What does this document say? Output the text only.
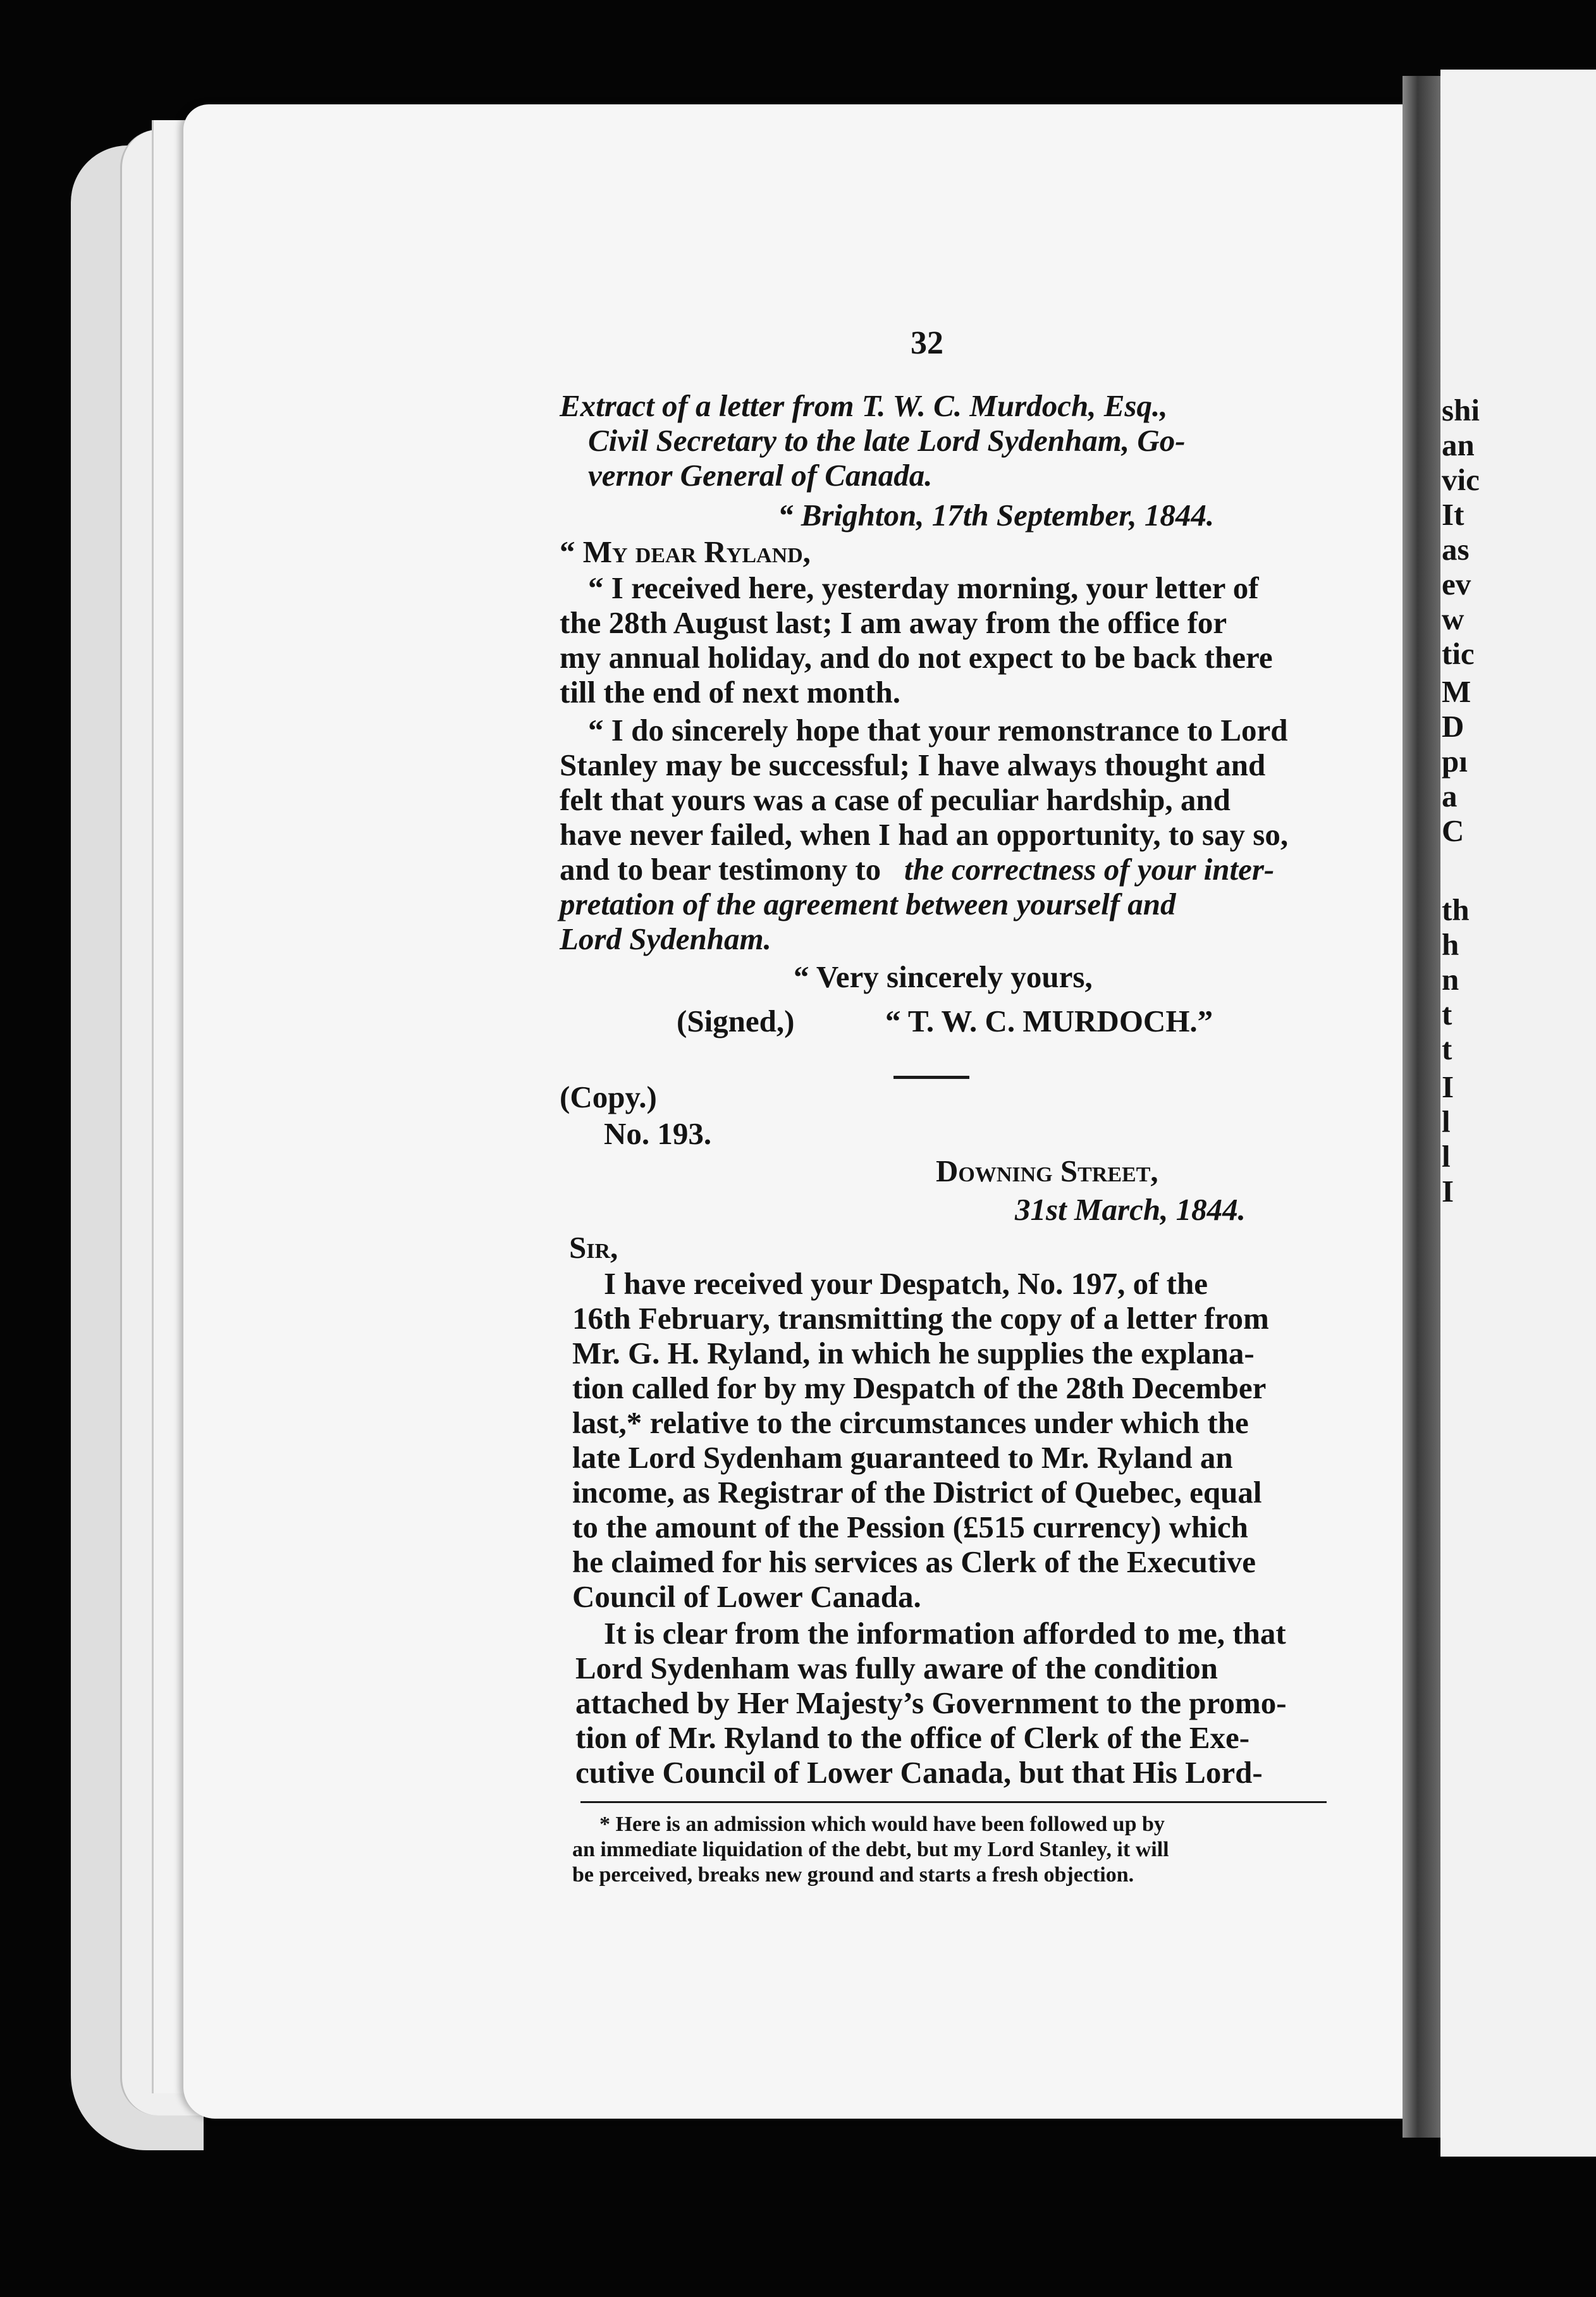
shi
an
vic
It
as
ev
w
tic
M
D
pı
a
C
th
h
n
t
t
I
l
l
I
32
Extract of a letter from T. W. C. Murdoch, Esq.,
Civil Secretary to the late Lord Sydenham, Go-
vernor General of Canada.
“ Brighton, 17th September, 1844.
“ My dear Ryland,
“ I received here, yesterday morning, your letter of
the 28th August last; I am away from the office for
my annual holiday, and do not expect to be back there
till the end of next month.
“ I do sincerely hope that your remonstrance to Lord
Stanley may be successful; I have always thought and
felt that yours was a case of peculiar hardship, and
have never failed, when I had an opportunity, to say so,
and to bear testimony to the correctness of your inter-
pretation of the agreement between yourself and
Lord Sydenham.
“ Very sincerely yours,
(Signed,)	“ T. W. C. MURDOCH.”
(Copy.)
No. 193.
Downing Street,
31st March, 1844.
Sir,
I have received your Despatch, No. 197, of the
16th February, transmitting the copy of a letter from
Mr. G. H. Ryland, in which he supplies the explana-
tion called for by my Despatch of the 28th December
last,* relative to the circumstances under which the
late Lord Sydenham guaranteed to Mr. Ryland an
income, as Registrar of the District of Quebec, equal
to the amount of the Pession (£515 currency) which
he claimed for his services as Clerk of the Executive
Council of Lower Canada.
It is clear from the information afforded to me, that
Lord Sydenham was fully aware of the condition
attached by Her Majesty’s Government to the promo-
tion of Mr. Ryland to the office of Clerk of the Exe-
cutive Council of Lower Canada, but that His Lord-
* Here is an admission which would have been followed up by
an immediate liquidation of the debt, but my Lord Stanley, it will
be perceived, breaks new ground and starts a fresh objection.
